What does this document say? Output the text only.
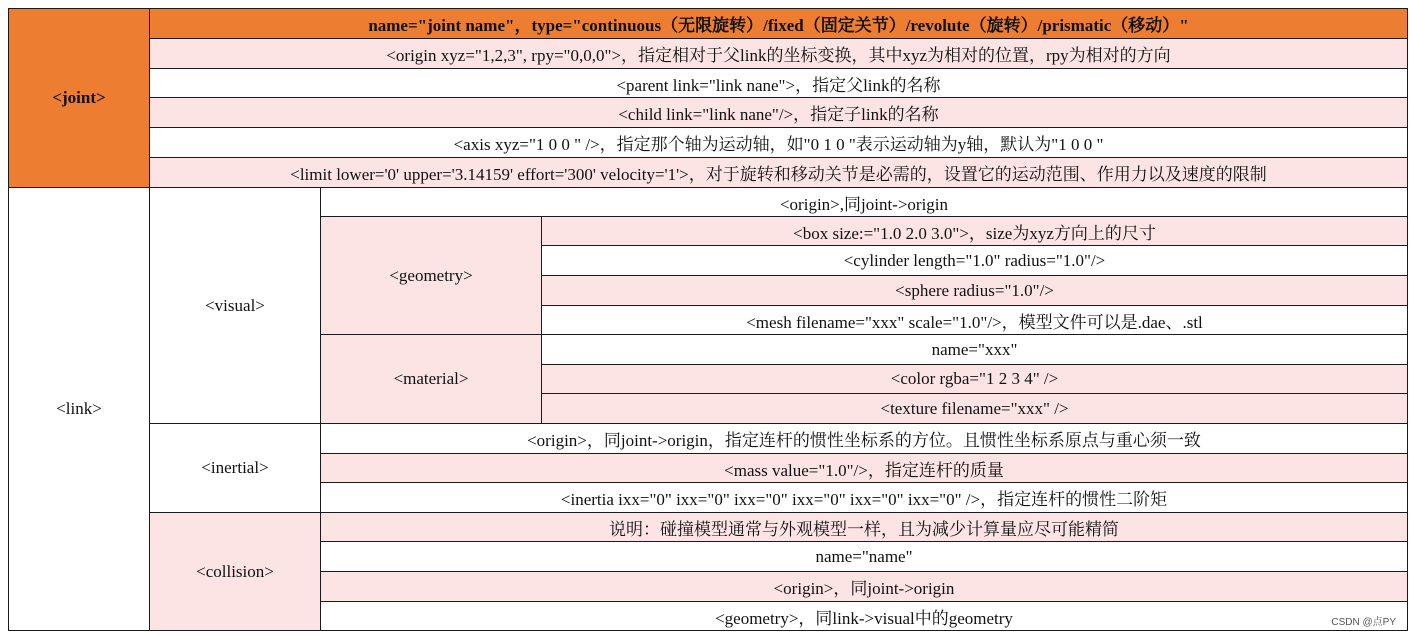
<joint>
name="joint name"，type="continuous（无限旋转）/fixed（固定关节）/revolute（旋转）/prismatic（移动）"
<origin xyz="1,2,3", rpy="0,0,0">，指定相对于父link的坐标变换，其中xyz为相对的位置，rpy为相对的方向
<parent link="link nane">，指定父link的名称
<child link="link nane"/>，指定子link的名称
<axis xyz="1 0 0 " />，指定那个轴为运动轴，如"0 1 0 "表示运动轴为y轴，默认为"1 0 0 "
<limit lower='0' upper='3.14159' effort='300' velocity='1'>，对于旋转和移动关节是必需的，设置它的运动范围、作用力以及速度的限制
<link>
<visual>
<origin>,同joint->origin
<geometry>
<box size:="1.0 2.0 3.0">，size为xyz方向上的尺寸
<cylinder length="1.0" radius="1.0"/>
<sphere radius="1.0"/>
<mesh filename="xxx" scale="1.0"/>，模型文件可以是.dae、.stl
<material>
name="xxx"
<color rgba="1 2 3 4" />
<texture filename="xxx" />
<inertial>
<origin>，同joint->origin，指定连杆的惯性坐标系的方位。且惯性坐标系原点与重心须一致
<mass value="1.0"/>，指定连杆的质量
<inertia ixx="0" ixx="0" ixx="0" ixx="0" ixx="0" ixx="0" />，指定连杆的惯性二阶矩
<collision>
说明：碰撞模型通常与外观模型一样，且为减少计算量应尽可能精简
name="name"
<origin>，同joint->origin
<geometry>，同link->visual中的geometry	CSDN @点PY
